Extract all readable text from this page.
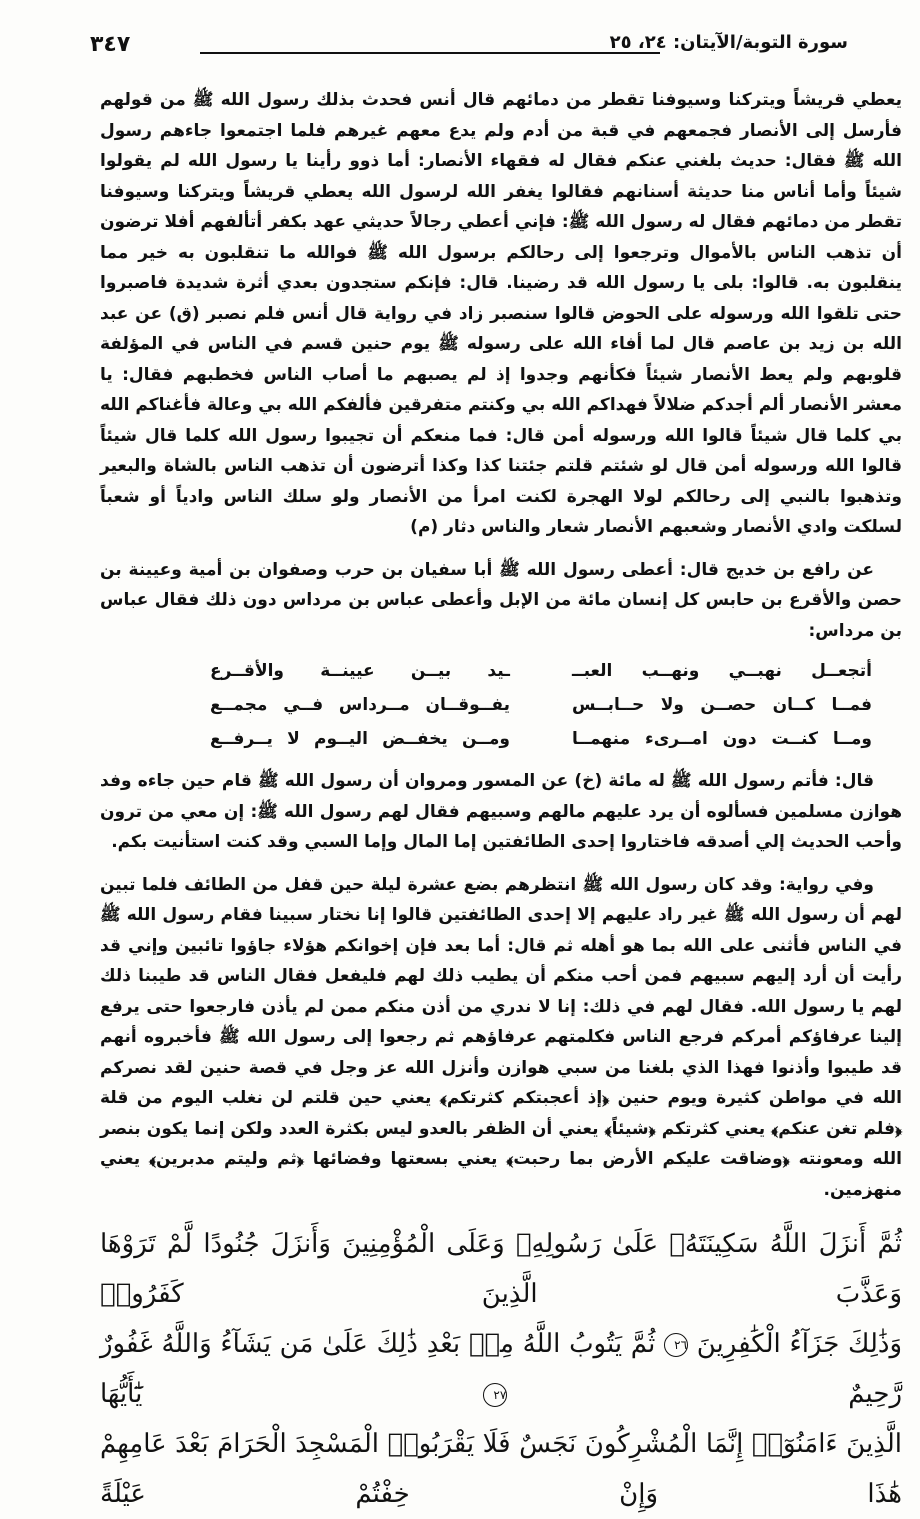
سورة التوبة/الآيتان: ٢٤، ٢٥
٣٤٧

يعطي قريشاً ويتركنا وسيوفنا تقطر من دمائهم قال أنس فحدث بذلك رسول الله ﷺ من قولهم فأرسل إلى الأنصار فجمعهم في قبة من أدم ولم يدع معهم غيرهم فلما اجتمعوا جاءهم رسول الله ﷺ فقال: حديث بلغني عنكم فقال له فقهاء الأنصار: أما ذوو رأينا يا رسول الله لم يقولوا شيئاً وأما أناس منا حديثة أسنانهم فقالوا يغفر الله لرسول الله يعطي قريشاً ويتركنا وسيوفنا تقطر من دمائهم فقال له رسول الله ﷺ: فإني أعطي رجالاً حديثي عهد بكفر أتألفهم أفلا ترضون أن تذهب الناس بالأموال وترجعوا إلى رحالكم برسول الله ﷺ فوالله ما تنقلبون به خير مما ينقلبون به. قالوا: بلى يا رسول الله قد رضينا. قال: فإنكم ستجدون بعدي أثرة شديدة فاصبروا حتى تلقوا الله ورسوله على الحوض قالوا سنصبر زاد في رواية قال أنس فلم نصبر (ق) عن عبد الله بن زيد بن عاصم قال لما أفاء الله على رسوله ﷺ يوم حنين قسم في الناس في المؤلفة قلوبهم ولم يعط الأنصار شيئاً فكأنهم وجدوا إذ لم يصبهم ما أصاب الناس فخطبهم فقال: يا معشر الأنصار ألم أجدكم ضلالاً فهداكم الله بي وكنتم متفرقين فألفكم الله بي وعالة فأغناكم الله بي كلما قال شيئاً قالوا الله ورسوله أمن قال: فما منعكم أن تجيبوا رسول الله كلما قال شيئاً قالوا الله ورسوله أمن قال لو شئتم قلتم جئتنا كذا وكذا أترضون أن تذهب الناس بالشاة والبعير وتذهبوا بالنبي إلى رحالكم لولا الهجرة لكنت امرأ من الأنصار ولو سلك الناس وادياً أو شعباً لسلكت وادي الأنصار وشعبهم الأنصار شعار والناس دثار (م)

عن رافع بن خديج قال: أعطى رسول الله ﷺ أبا سفيان بن حرب وصفوان بن أمية وعيينة بن حصن والأقرع بن حابس كل إنسان مائة من الإبل وأعطى عباس بن مرداس دون ذلك فقال عباس بن مرداس:

أتجعــل نهبــي ونهــب العبــ
ـيد بيــن عيينــة والأقــرع
فمــا كــان حصــن ولا حــابــس
يفــوقــان مــرداس فــي مجمــع
ومــا كنــت دون امــرىء منهمــا
ومــن يخفــض اليــوم لا يــرفــع

قال: فأتم رسول الله ﷺ له مائة (خ) عن المسور ومروان أن رسول الله ﷺ قام حين جاءه وفد هوازن مسلمين فسألوه أن يرد عليهم مالهم وسبيهم فقال لهم رسول الله ﷺ: إن معي من ترون وأحب الحديث إلي أصدقه فاختاروا إحدى الطائفتين إما المال وإما السبي وقد كنت استأنيت بكم.

وفي رواية: وقد كان رسول الله ﷺ انتظرهم بضع عشرة ليلة حين قفل من الطائف فلما تبين لهم أن رسول الله ﷺ غير راد عليهم إلا إحدى الطائفتين قالوا إنا نختار سبينا فقام رسول الله ﷺ في الناس فأثنى على الله بما هو أهله ثم قال: أما بعد فإن إخوانكم هؤلاء جاؤوا تائبين وإني قد رأيت أن أرد إليهم سبيهم فمن أحب منكم أن يطيب ذلك لهم فليفعل فقال الناس قد طيبنا ذلك لهم يا رسول الله. فقال لهم في ذلك: إنا لا ندري من أذن منكم ممن لم يأذن فارجعوا حتى يرفع إلينا عرفاؤكم أمركم فرجع الناس فكلمتهم عرفاؤهم ثم رجعوا إلى رسول الله ﷺ فأخبروه أنهم قد طيبوا وأذنوا فهذا الذي بلغنا من سبي هوازن وأنزل الله عز وجل في قصة حنين لقد نصركم الله في مواطن كثيرة ويوم حنين ﴿إذ أعجبتكم كثرتكم﴾ يعني حين قلتم لن نغلب اليوم من قلة ﴿فلم تغن عنكم﴾ يعني كثرتكم ﴿شيئاً﴾ يعني أن الظفر بالعدو ليس بكثرة العدد ولكن إنما يكون بنصر الله ومعونته ﴿وضاقت عليكم الأرض بما رحبت﴾ يعني بسعتها وفضائها ﴿ثم وليتم مدبرين﴾ يعني منهزمين.

ثُمَّ أَنزَلَ اللَّهُ سَكِينَتَهُۥ عَلَىٰ رَسُولِهِۦ وَعَلَى الْمُؤْمِنِينَ وَأَنزَلَ جُنُودًا لَّمْ تَرَوْهَا وَعَذَّبَ الَّذِينَ كَفَرُوا۟
وَذَٰلِكَ جَزَآءُ الْكَٰفِرِينَ ٢٦ ثُمَّ يَتُوبُ اللَّهُ مِنۢ بَعْدِ ذَٰلِكَ عَلَىٰ مَن يَشَآءُ وَاللَّهُ غَفُورٌ رَّحِيمٌ ٢٧ يَٰٓأَيُّهَا
الَّذِينَ ءَامَنُوٓا۟ إِنَّمَا الْمُشْرِكُونَ نَجَسٌ فَلَا يَقْرَبُوا۟ الْمَسْجِدَ الْحَرَامَ بَعْدَ عَامِهِمْ هَٰذَا وَإِنْ خِفْتُمْ عَيْلَةً
